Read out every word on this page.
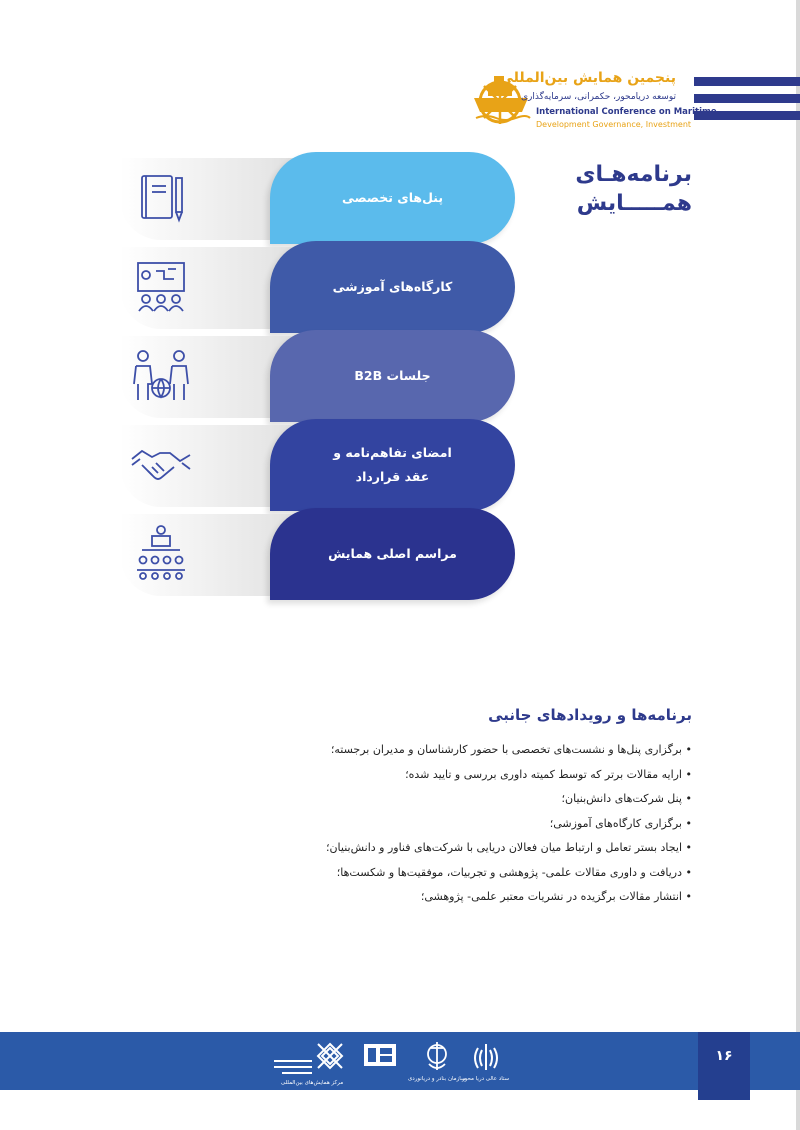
پنجمین همایش بین‌المللی
توسعه دریامحور، حکمرانی، سرمایه‌گذاری
International Conference on Maritime
Development Governance, Investment
برنامه‌هـای
همـــــایش
پنل‌های تخصصی
کارگاه‌های آموزشی
جلسات B2B
امضای تفاهم‌نامه و
عقد قرارداد
مراسم اصلی همایش
برنامه‌ها و رویدادهای جانبی
• برگزاری پنل‌ها و نشست‌های تخصصی با حضور کارشناسان و مدیران برجسته؛
• ارایه مقالات برتر که توسط کمیته داوری بررسی و تایید شده؛
• پنل شرکت‌های دانش‌بنیان؛
• برگزاری کارگاه‌های آموزشی؛
• ایجاد بستر تعامل و ارتباط میان فعالان دریایی با شرکت‌های فناور و دانش‌بنیان؛
• دریافت و داوری مقالات علمی- پژوهشی و تجربیات، موفقیت‌ها و شکست‌ها؛
• انتشار مقالات برگزیده در نشریات معتبر علمی- پژوهشی؛
۱۶
ستاد عالی دریا محور
سازمان بنادر و دریانوردی
مرکز همایش‌های بین‌المللی
